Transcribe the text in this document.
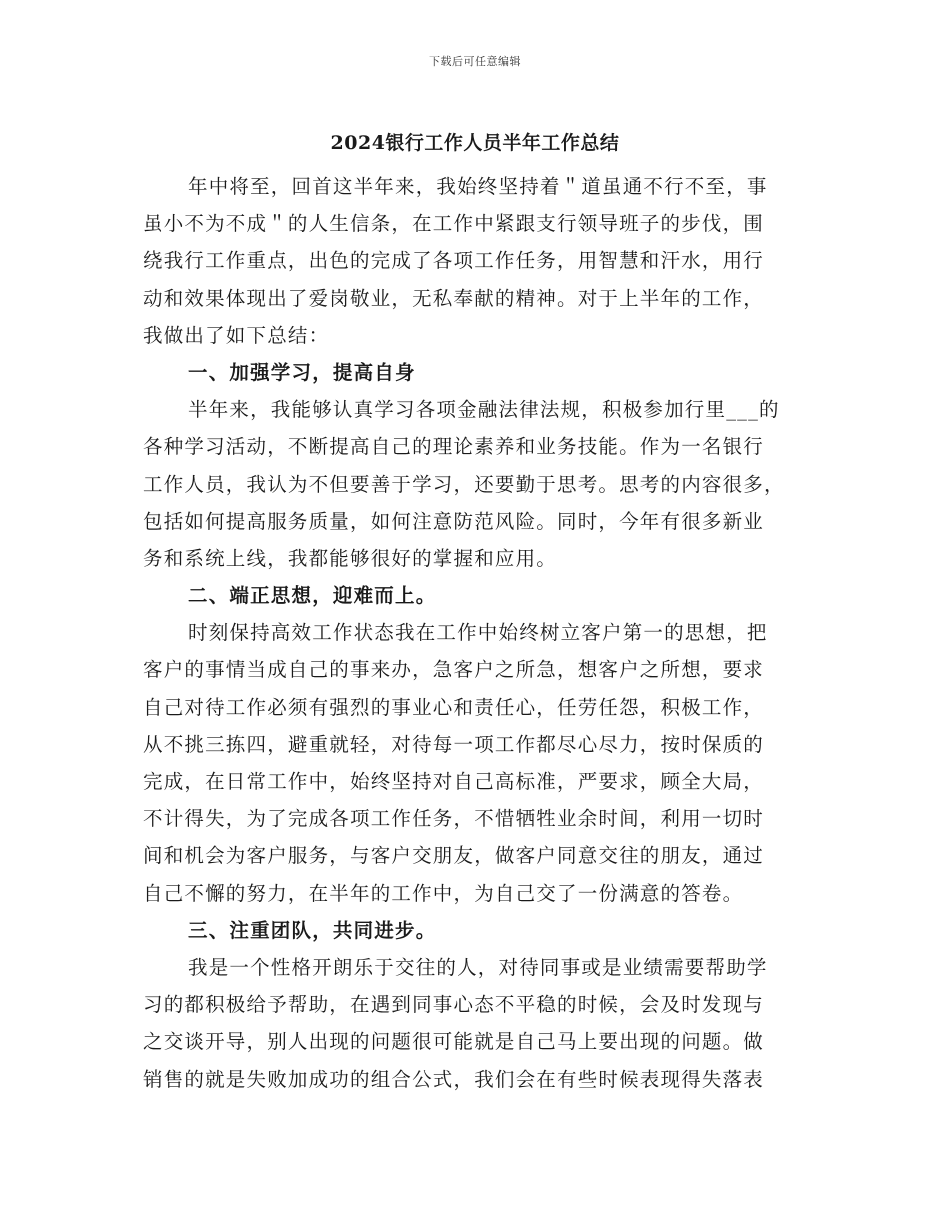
下载后可任意编辑
2024银行工作人员半年工作总结
年中将至，回首这半年来，我始终坚持着＂道虽通不行不至，事
虽小不为不成＂的人生信条，在工作中紧跟支行领导班子的步伐，围
绕我行工作重点，出色的完成了各项工作任务，用智慧和汗水，用行
动和效果体现出了爱岗敬业，无私奉献的精神。对于上半年的工作，
我做出了如下总结：
一、加强学习，提高自身
半年来，我能够认真学习各项金融法律法规，积极参加行里___的
各种学习活动，不断提高自己的理论素养和业务技能。作为一名银行
工作人员，我认为不但要善于学习，还要勤于思考。思考的内容很多，
包括如何提高服务质量，如何注意防范风险。同时，今年有很多新业
务和系统上线，我都能够很好的掌握和应用。
二、端正思想，迎难而上。
时刻保持高效工作状态我在工作中始终树立客户第一的思想，把
客户的事情当成自己的事来办，急客户之所急，想客户之所想，要求
自己对待工作必须有强烈的事业心和责任心，任劳任怨，积极工作，
从不挑三拣四，避重就轻，对待每一项工作都尽心尽力，按时保质的
完成，在日常工作中，始终坚持对自己高标准，严要求，顾全大局，
不计得失，为了完成各项工作任务，不惜牺牲业余时间，利用一切时
间和机会为客户服务，与客户交朋友，做客户同意交往的朋友，通过
自己不懈的努力，在半年的工作中，为自己交了一份满意的答卷。
三、注重团队，共同进步。
我是一个性格开朗乐于交往的人，对待同事或是业绩需要帮助学
习的都积极给予帮助，在遇到同事心态不平稳的时候，会及时发现与
之交谈开导，别人出现的问题很可能就是自己马上要出现的问题。做
销售的就是失败加成功的组合公式，我们会在有些时候表现得失落表
